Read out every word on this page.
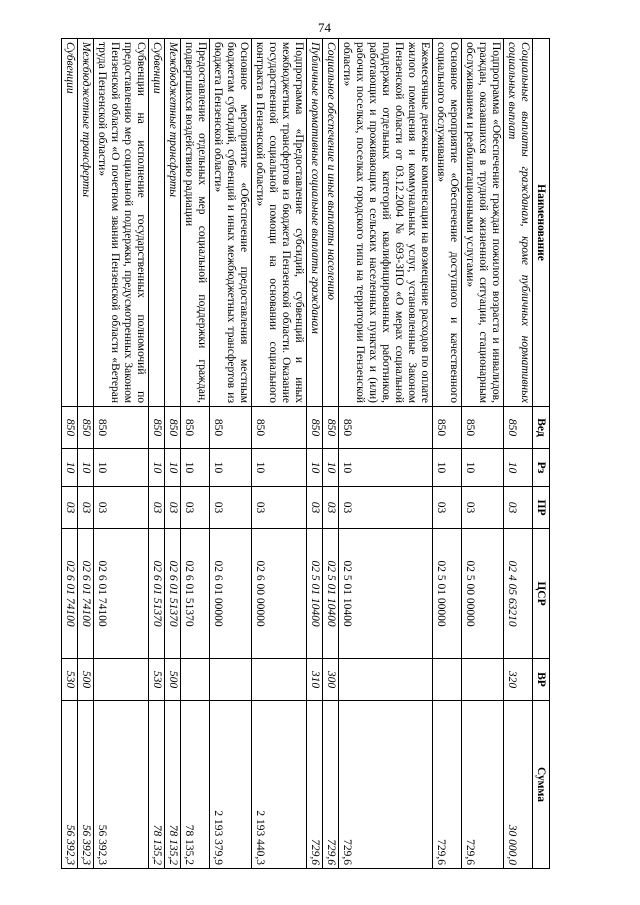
74
Наименование	Вед	Рз	ПР	ЦСР	ВР	Сумма
Социальные выплаты гражданам, кроме публичных нормативных социальных выплат	850	10	03	02 4 05 63210	320	30 000,0
Подпрограмма «Обеспечение граждан пожилого возраста и инвалидов, граждан, оказавшихся в трудной жизненной ситуации, стационарным обслуживанием и реабилитационными услугами»	850	10	03	02 5 00 00000		729,6
Основное мероприятие «Обеспечение доступного и качественного социального обслуживания»	850	10	03	02 5 01 00000		729,6
Ежемесячные денежные компенсации на возмещение расходов по оплате жилого помещения и коммунальных услуг, установленные Законом Пензенской области от 03.12.2004 № 693-ЗПО «О мерах социальной поддержки отдельных категорий квалифицированных работников, работающих и проживающих в сельских населенных пунктах и (или) рабочих поселках, поселках городского типа на территории Пензенской области»	850	10	03	02 5 01 10400		729,6
Социальное обеспечение и иные выплаты населению	850	10	03	02 5 01 10400	300	729,6
Публичные нормативные социальные выплаты гражданам	850	10	03	02 5 01 10400	310	729,6
Подпрограмма «Предоставление субсидий, субвенций и иных межбюджетных трансфертов из бюджета Пензенской области. Оказание государственной социальной помощи на основании социального контракта в Пензенской области»	850	10	03	02 6 00 00000		2 193 440,3
Основное мероприятие «Обеспечение предоставления местным бюджетам субсидий, субвенций и иных межбюджетных трансфертов из бюджета Пензенской области»	850	10	03	02 6 01 00000		2 193 379,9
Предоставление отдельных мер социальной поддержки граждан, подвергшихся воздействию радиации	850	10	03	02 6 01 51370		78 135,2
Межбюджетные трансферты	850	10	03	02 6 01 51370	500	78 135,2
Субвенции	850	10	03	02 6 01 51370	530	78 135,2
Субвенции на исполнение государственных полномочий по предоставлению мер социальной поддержки, предусмотренных Законом Пензенской области «О почетном звании Пензенской области «Ветеран труда Пензенской области»	850	10	03	02 6 01 74100		56 392,3
Межбюджетные трансферты	850	10	03	02 6 01 74100	500	56 392,3
Субвенции	850	10	03	02 6 01 74100	530	56 392,3
